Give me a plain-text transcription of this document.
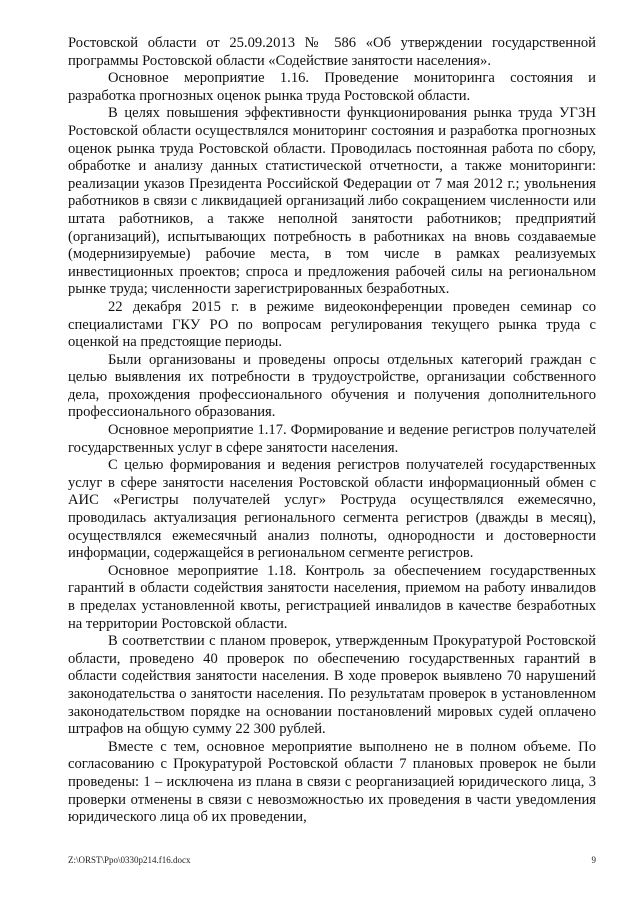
Ростовской области от 25.09.2013 № 586 «Об утверждении государственной программы Ростовской области «Содействие занятости населения».

Основное мероприятие 1.16. Проведение мониторинга состояния и разработка прогнозных оценок рынка труда Ростовской области.

В целях повышения эффективности функционирования рынка труда УГЗН Ростовской области осуществлялся мониторинг состояния и разработка прогнозных оценок рынка труда Ростовской области. Проводилась постоянная работа по сбору, обработке и анализу данных статистической отчетности, а также мониторинги: реализации указов Президента Российской Федерации от 7 мая 2012 г.; увольнения работников в связи с ликвидацией организаций либо сокращением численности или штата работников, а также неполной занятости работников; предприятий (организаций), испытывающих потребность в работниках на вновь создаваемые (модернизируемые) рабочие места, в том числе в рамках реализуемых инвестиционных проектов; спроса и предложения рабочей силы на региональном рынке труда; численности зарегистрированных безработных.

22 декабря 2015 г. в режиме видеоконференции проведен семинар со специалистами ГКУ РО по вопросам регулирования текущего рынка труда с оценкой на предстоящие периоды.

Были организованы и проведены опросы отдельных категорий граждан с целью выявления их потребности в трудоустройстве, организации собственного дела, прохождения профессионального обучения и получения дополнительного профессионального образования.

Основное мероприятие 1.17. Формирование и ведение регистров получателей государственных услуг в сфере занятости населения.

С целью формирования и ведения регистров получателей государственных услуг в сфере занятости населения Ростовской области информационный обмен с АИС «Регистры получателей услуг» Роструда осуществлялся ежемесячно, проводилась актуализация регионального сегмента регистров (дважды в месяц), осуществлялся ежемесячный анализ полноты, однородности и достоверности информации, содержащейся в региональном сегменте регистров.

Основное мероприятие 1.18. Контроль за обеспечением государственных гарантий в области содействия занятости населения, приемом на работу инвалидов в пределах установленной квоты, регистрацией инвалидов в качестве безработных на территории Ростовской области.

В соответствии с планом проверок, утвержденным Прокуратурой Ростовской области, проведено 40 проверок по обеспечению государственных гарантий в области содействия занятости населения. В ходе проверок выявлено 70 нарушений законодательства о занятости населения. По результатам проверок в установленном законодательством порядке на основании постановлений мировых судей оплачено штрафов на общую сумму 22 300 рублей.

Вместе с тем, основное мероприятие выполнено не в полном объеме. По согласованию с Прокуратурой Ростовской области 7 плановых проверок не были проведены: 1 – исключена из плана в связи с реорганизацией юридического лица, 3 проверки отменены в связи с невозможностью их проведения в части уведомления юридического лица об их проведении,

Z:\ORST\Ppo\0330p214.f16.docx	9
